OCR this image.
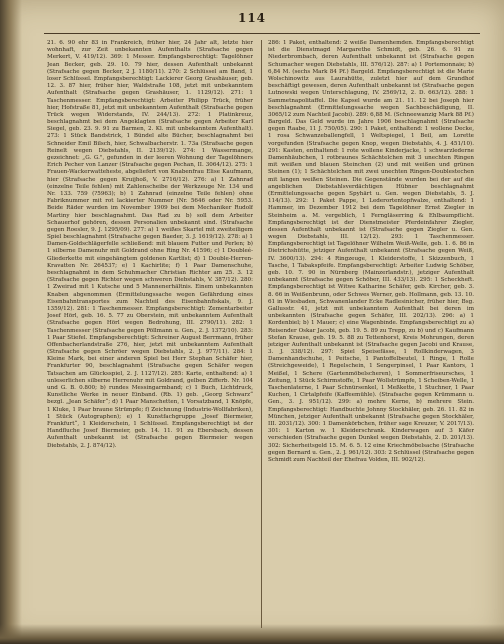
114

21. 6. 90 ehr 83 in Frankreich, früher hier, 24 Jahr alt, letzte hier wohnhaft, zur Zeit unbekannten Aufenthalts (Strafsache gegen Merkert, V. 419/12). 369: 1 Messer. Empfangsberechtigt: Tagelöhner Jean Becker, geb. 29. 10. 79 hier, dessen Aufenthalt unbekannt (Strafsache gegen Becker, 2 J. 1180/11). 270: 2 Schlüssel am Band, 1 loser Schlüssel. Empfangsberechtigt: Lackierer Georg Grashäuser, geb. 12. 3. 87 hier, früher hier, Waldstraße 108, jetzt mit unbekanntem Aufenthalt (Strafsache gegen Grashäuser, 1. 1129/12). 271: 1 Taschenmesser. Empfangsberechtigt: Arbeiter Philipp Trück, früher hier, Hofstraße 81, jetzt mit unbekanntem Aufenthalt (Strafsache gegen Trück wegen Widerstands, IV. 244/13). 272: 1 Platinkreuz, beschlagnahmt bei dem Angeklagten (Strafsache gegen Arbeiter Karl Siegel, geb. 23. 9. 91 zu Barmen, 2. Kl. mit unbekanntem Aufenthalt). 273: 1 Stück Bandstrick, 1 Bündel alte Bücher, beschlagnahmt bei Schneider Emil Bilsch, hier, Schwalbacherstr. 1. 73a (Strafsache gegen Reinelt wegen Diebstahls, II. 2139/12). 274: 1 Wassermange, gezeichnet: „G. G.", gefunden in der leeren Wohnung der Tagelöhners Erich Pecher von Lanzer (Strafsache gegen Pechan, II. 3064/12). 275: 1 Frauen-Wackerwatteheste, abgeliefert von Knabenfrau Elise Kaufmann, hier (Strafsache gegen Kruijhoß, V. 2716/12). 276: a) 1 Zahnrad (einzelne Teile fehlen) mit Zahlenscheibe der Werkzeuge Nr. 134 und Nr. 133. 759 (?5963); b) 1 Zahnrad (einzelne Teile fehlen) ohne Fabriknummer mit rot lackierter Nummer (Nr. 5646 oder Nr. 5953. Beide Räder wurden im November 1909 bei dem Mechaniker Rudolf Martiny hier beschlagnahmt. Das Rad zu b) soll dem Arbeiter Schauerhof gehören, dessen Personalien unbekannt sind. (Strafsache gegen Roesler, 9. J. 1295/09). 277: a) 1 weißes Skartel mit zweiteiligem Spiel beschlagnahmt (Strafsache gegen Baeder, 3. J. 1619/12). 278: a) 1 Damen-Goldschlägerfelle schließend: mit blauem Futter und Perlen; b) 1 silberne Damenuhr mit Goldrand ohne Ring Nr. 41596; c) 1 Doubleé-Gliederkette mit eingehängtem goldenen Kartlist; d) 1 Double-Herren-Kravatten Nr. 264537; e) 1 Kachirlite; f) 1 Paar Damenschuhe, beschlagnahmt in dem Schuhmacher Christian Richter am 25. 3. 12 (Strafsache gegen Richter wegen schweren Diebstahls, V. 387/12). 280: 1 Zweirad mit 1 Kutsche und 5 Mannenerhältnis. Einem unbekannten Knaben abgenommen (Ermittelungssache wegen Gefährdung eines Eisenbahntransportes zum Nachteil des Eisenbahnfiskals, 9. J. 1359/12). 281: 1 Taschenmesser. Empfangsberechtigt: Zementarbeiter Josef Hörl, geb. 16. 5. 77 zu Oberstein, mit unbekanntem Aufenthalt (Strafsache gegen Hörl wegen Bedrohung, III. 2790/11). 282: 1 Taschenmesser (Strafsache gegen Pöllmann u. Gen., 2. J. 1372/10). 283: 1 Paar Stiefel. Empfangsberechtigt: Schreiner August Berrmann, früher Offenbacherlandstraße 276, hier, jetzt mit unbekanntem Aufenthalt (Strafsache gegen Schröer wegen Diebstahls, 2. J. 977/11). 284: 1 Kleine Mark, bei einer anderen Spiel bei Herr Stephan Schäfer hier, Frankfurter 90, beschlagnahmt (Strafsache gegen Schäfer wegen Tatsachen am Glücksspiel, 2. J. 1127/12). 285: Karte, enthaltend: a) 1 unleserlichen silberne Herrenuhr mit Goldrand, gelben Zifferb. Nr. 104 und G. B. 0.800; b) rundes Messingarmband; c) 1 Buch, Lichtdruck, Kunstliche Werke in neuer Einband. (Rb. 1) geb. „Georg Schwarz“ bezgl. „Jean Schäfer“; d) 1 Paar Manschetten, 1 Vorsatzband, 1 Knöpfe, 1 Kluke, 1 Paar braune Strümpfe; f) Zeichnung (Industrie-Wollfabriken), 1 Stück (Autographen); e) 1 Kunstfachgruppe „Josef Biermeier, Frankfurt“, 1 Kleiderschein, 1 Schlüssel. Empfangsberechtigt ist der Handfluche Josef Biermeier, geb. 14. 11. 91 zu Ebersbach, dessen Aufenthalt unbekannt ist (Strafsache gegen Biermeier wegen Diebstahls, 2. J. 874/12).

286: 1 Paket, enthaltend: 2 weiße Damenhemden. Empfangsberechtigt ist die Dienstmagd Margarethe Schmidt, geb. 26. 6. 91 zu Niederbrombach, deren Aufenthalt unbekannt ist (Strafsache gegen Schumacher wegen Diebstahls, III. 576/12). 287: a) 1 Portemonnaie; b) 6,84 M. (sechs Mark 84 Pf.) Bargeld. Empfangsberechtigt ist die Marie Wolschinowitz aus Laurahütte, zuletzt hier auf dem Grundhof beschäftigt gewesen, deren Aufenthalt unbekannt ist (Strafsache gegen Lutnowski wegen Unterschlagung, IV. 2569/12, 2. D. 663/12). 288: 1 Sammetnapolitaffel. Die Kapsel wurde am 21. 11. 12 bei Joseph hier beschlagnahmt (Ermittelungssache wegen Sachbeschädigung, II. 3065/12 zum Nachteil Jacobi). 289: 6,88 M. (Schneewanzig Mark 88 Pf.) Bargeld. Das Geld wurde im Jahre 1906 beschlagnahmt (Strafsache gegen Raabe, 11 J. 750/05). 290: 1 Paket, enthaltend: 1 wollene Decke, 1 rosa Schwanzeballengfell, 1 Weltspiegel, 1 Beil, am Lorette vorgefunden (Strafsache gegen Knop, wegen Diebstahls, 4. J. 451/10). 291: Kasten, enthaltend: 1 rote wollene Kinderjacke, 1 schwarzlederne Damenhäubchen, 1 rotbraunes Schächtelchen mit 3 unechten Ringen mit weißen und blauen Steinchen (2) und mit weißen und grünen Steinen (1); 1 Schächtelchen mit zwei unechten Ringen-Doublestechen mit langen weißen Steinen. Die Gegenstände wurden bei der auf die angeblichen Diebstahlsverdächtigen Hübner beschlagnahmt (Ermittelungssache gegen Spyhärt u. Gen. wegen Diebstahls, 5. J. 114/13). 292: 1 Paket Pappe, 1 Lederortentopfwalze, enthaltend: 1 Hammer, im Dezember 1912 bei dem Tagelöhner Ernst Ziegler in Steinheim a. M. vergeblich, 1 Ferngläserring & Ehlbaumpflicht. Empfangsberechtigt ist der Dienstmeister Pferdeinfahrer Ziegler, dessen Aufenthalt unbekannt ist (Strafsache gegen Ziegler u. Gen. wegen Diebstahls, III. 12/12). 293: 1 Taschenmesser. Empfangsberechtigt ist Tagelöhner Wilhelm Weiß-Welle, geb. 1. 6. 86 in Dietrichshütte, jetziger Aufenthalt unbekannt (Strafsache gegen Weiß, IV. 3600/13). 294: 4 Ringzeuge, 1 Kleiderstoffe, 1 Skizzenbuch, 1 Tasche, 1 Tabakspfeife. Empfangsberechtigt: Arbeiter Ludwig Schöber, geb. 10. 7. 90 in Nürnberg (Mainzerlandstr.), jetziger Aufenthalt unbekannt (Strafsache gegen Schöber, III. 433/13). 295: 1 Scheckheft. Empfangsberechtigt ist Witwe Katharine Schäfer, geb. Kircher, geb. 3. 8. 66 in Weißenbrunn, oder Schwes Werner, geb. Hollmann, geb. 13. 10. 61 in Wiesbaden, Schwanenlander Ecke Radlesinicher, früher hier, Bsg. Gallusstr. 41, jetzt mit unbekanntem Aufenthalt bei deren im unbekannten (Strafsache gegen Schäfer, III. 202/13). 296: a) 1 Kordenbiel; b) 1 Mauer; c) eine Wagenbinde. Empfangsberechtigt zu a) Reisender Oskar Jacobi, geb. 19. 5. 89 zu Trepp, zu b) und c) Kaufmann Stefan Krause, geb. 19. 5. 88 zu Tettenhorst, Kreis Mohrungen, deren jetziger Aufenthalt unbekannt ist (Strafsache gegen Jacobi und Krause, 3. J. 338/12). 297: Spiel Speisefässe, 1 Rollkinderwagen, 3 Damenhandschuhe, 1 Peitsche, 1 Pantoffelbeutel, 1 Ringe, 1 Rolle (Streichgeweide), 1 Regelschein, 1 Sengerpinsel, 1 Paar Kantors, 1 Meißel, 1 Schere (Gartenmöbelscheren), 1 Sommerfriseursches, 1 Zeitung, 1 Stück Schirmstoffe, 1 Paar Wollstrümpfe, 1 Scheiben-Welle, 1 Taschenlaterne, 1 Paar Schnürsenkel, 1 Meßkette, 1 Stuchner, 1 Paar Kuchen, 1 Cirtalpfeife (Kaffeemühle). (Strafsache gegen Krümmann u. Gen., 3. J. 951/12). 299: a) mehre Kerne, b) mehrere Stein. Empfangsberechtigt: Handbuchte Johnny Stockhäler, geb. 26. 11. 82 in München, jetziger Aufenthalt unbekannt (Strafsache gegen Stockhäler, III. 2031/12). 300: 1 Damenkörbchen, früher sage Kreuzer, V. 2017/13). 301: 1 Karton w. 1 Kleiderschrank. Kinderwagen auf 3 Käfer verschieden (Strafsache gegen Dunkel wegen Diebstahls, 2. D. 201/13). 302: Sicherheitsgeld 15. M. 6. 5. 12 eine Kriechmöbelsache (Strafsache gegen Bernard u. Gen., 2. J. 961/12). 303: 2 Schlüssel (Strafsache gegen Schmidt zum Nachteil der Ehefrau Volden, III. 902/12).
